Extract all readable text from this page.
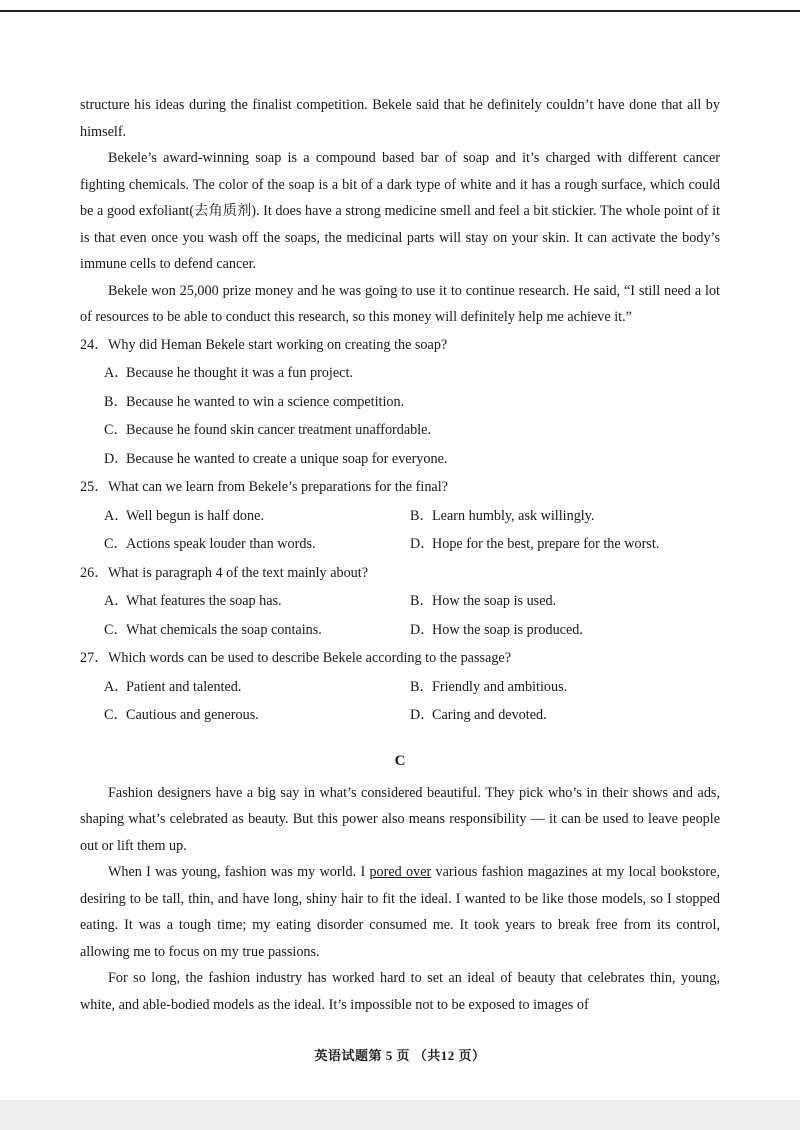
structure his ideas during the finalist competition. Bekele said that he definitely couldn’t have done that all by himself.

Bekele’s award-winning soap is a compound based bar of soap and it’s charged with different cancer fighting chemicals. The color of the soap is a bit of a dark type of white and it has a rough surface, which could be a good exfoliant(去角质剂). It does have a strong medicine smell and feel a bit stickier. The whole point of it is that even once you wash off the soaps, the medicinal parts will stay on your skin. It can activate the body’s immune cells to defend cancer.

Bekele won 25,000 prize money and he was going to use it to continue research. He said, “I still need a lot of resources to be able to conduct this research, so this money will definitely help me achieve it.”

24．Why did Heman Bekele start working on creating the soap?
A．Because he thought it was a fun project.
B．Because he wanted to win a science competition.
C．Because he found skin cancer treatment unaffordable.
D．Because he wanted to create a unique soap for everyone.
25．What can we learn from Bekele’s preparations for the final?
A．Well begun is half done.	B．Learn humbly, ask willingly.
C．Actions speak louder than words.	D．Hope for the best, prepare for the worst.
26．What is paragraph 4 of the text mainly about?
A．What features the soap has.	B．How the soap is used.
C．What chemicals the soap contains.	D．How the soap is produced.
27．Which words can be used to describe Bekele according to the passage?
A．Patient and talented.	B．Friendly and ambitious.
C．Cautious and generous.	D．Caring and devoted.
C

Fashion designers have a big say in what’s considered beautiful. They pick who’s in their shows and ads, shaping what’s celebrated as beauty. But this power also means responsibility — it can be used to leave people out or lift them up.

When I was young, fashion was my world. I pored over various fashion magazines at my local bookstore, desiring to be tall, thin, and have long, shiny hair to fit the ideal. I wanted to be like those models, so I stopped eating. It was a tough time; my eating disorder consumed me. It took years to break free from its control, allowing me to focus on my true passions.

For so long, the fashion industry has worked hard to set an ideal of beauty that celebrates thin, young, white, and able-bodied models as the ideal. It’s impossible not to be exposed to images of

英语试题第 5 页 （共12 页）
